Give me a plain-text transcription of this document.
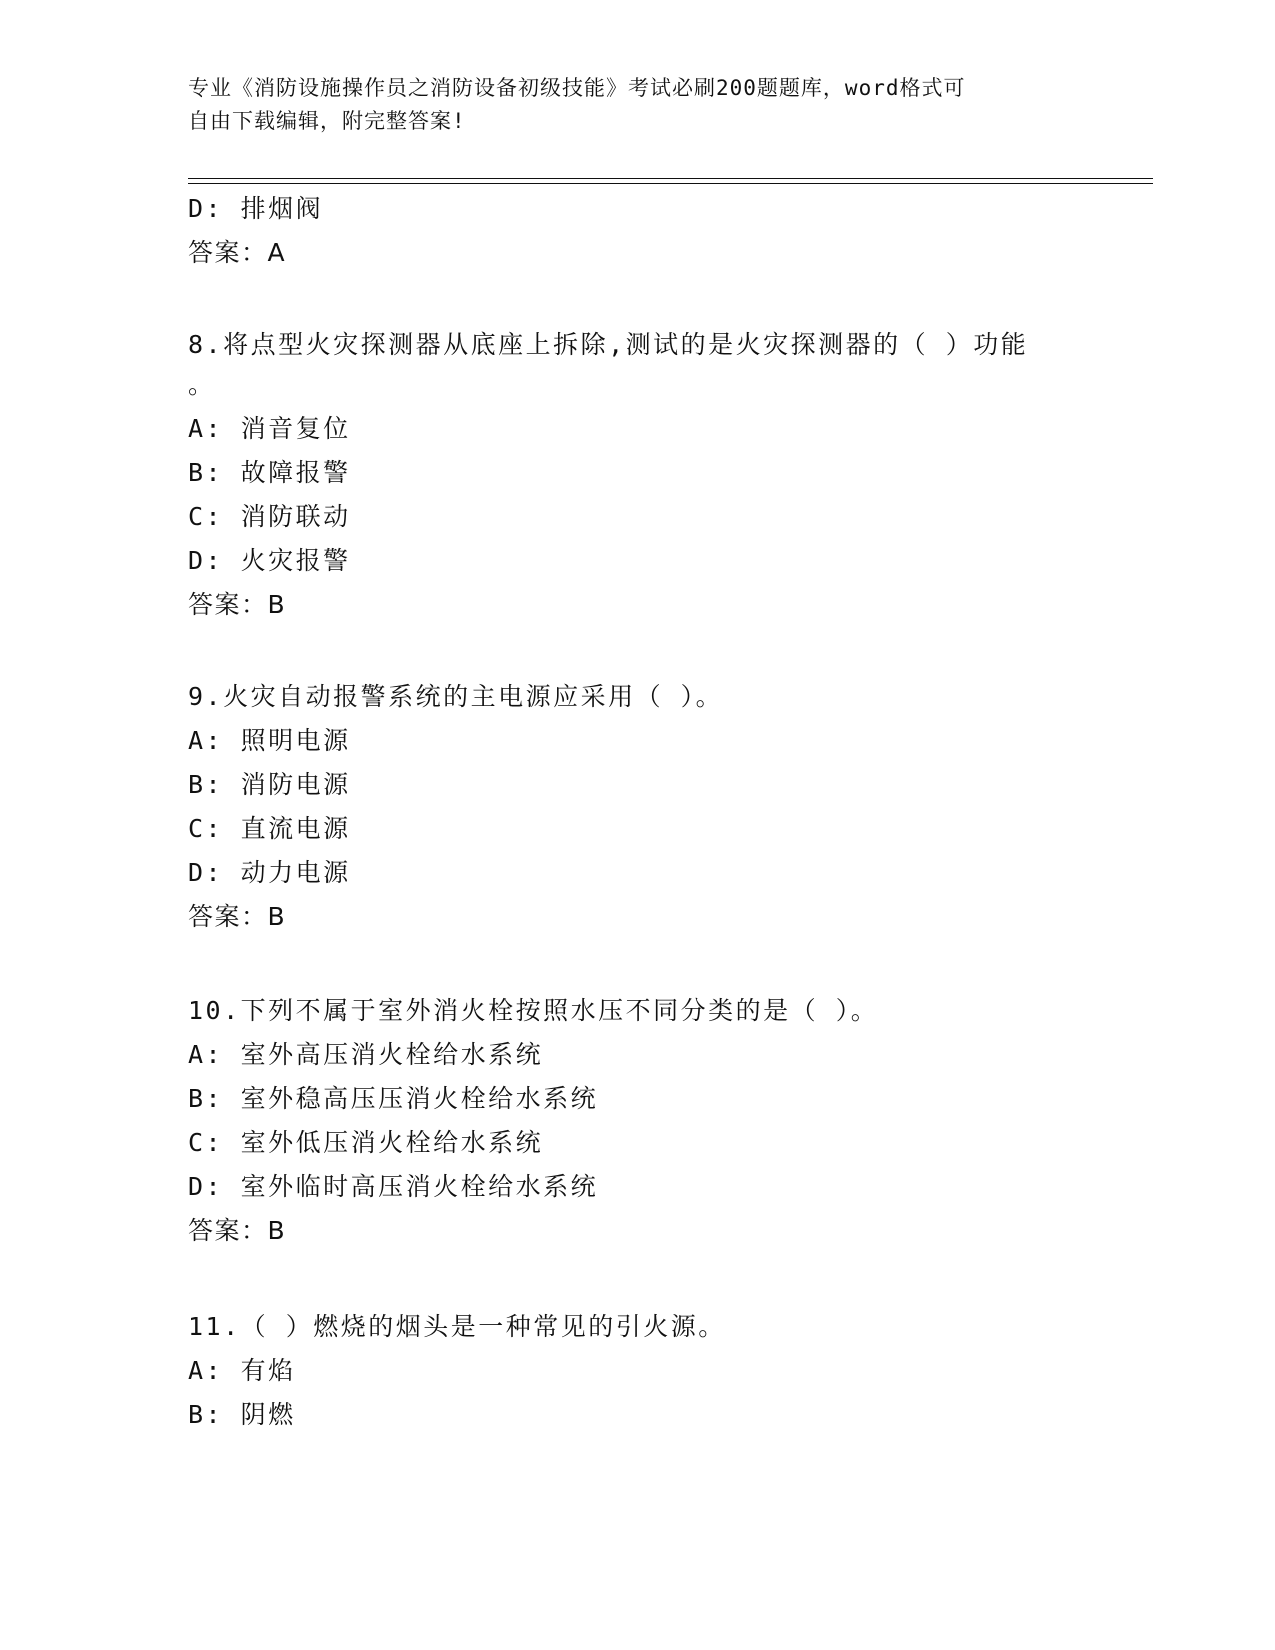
专业《消防设施操作员之消防设备初级技能》考试必刷200题题库，word格式可
自由下载编辑，附完整答案!
D: 排烟阀
答案：A
8.将点型火灾探测器从底座上拆除,测试的是火灾探测器的（ ）功能
。
A: 消音复位
B: 故障报警
C: 消防联动
D: 火灾报警
答案：B
9.火灾自动报警系统的主电源应采用（ ）。
A: 照明电源
B: 消防电源
C: 直流电源
D: 动力电源
答案：B
10.下列不属于室外消火栓按照水压不同分类的是（ ）。
A: 室外高压消火栓给水系统
B: 室外稳高压压消火栓给水系统
C: 室外低压消火栓给水系统
D: 室外临时高压消火栓给水系统
答案：B
11.（ ）燃烧的烟头是一种常见的引火源。
A: 有焰
B: 阴燃
